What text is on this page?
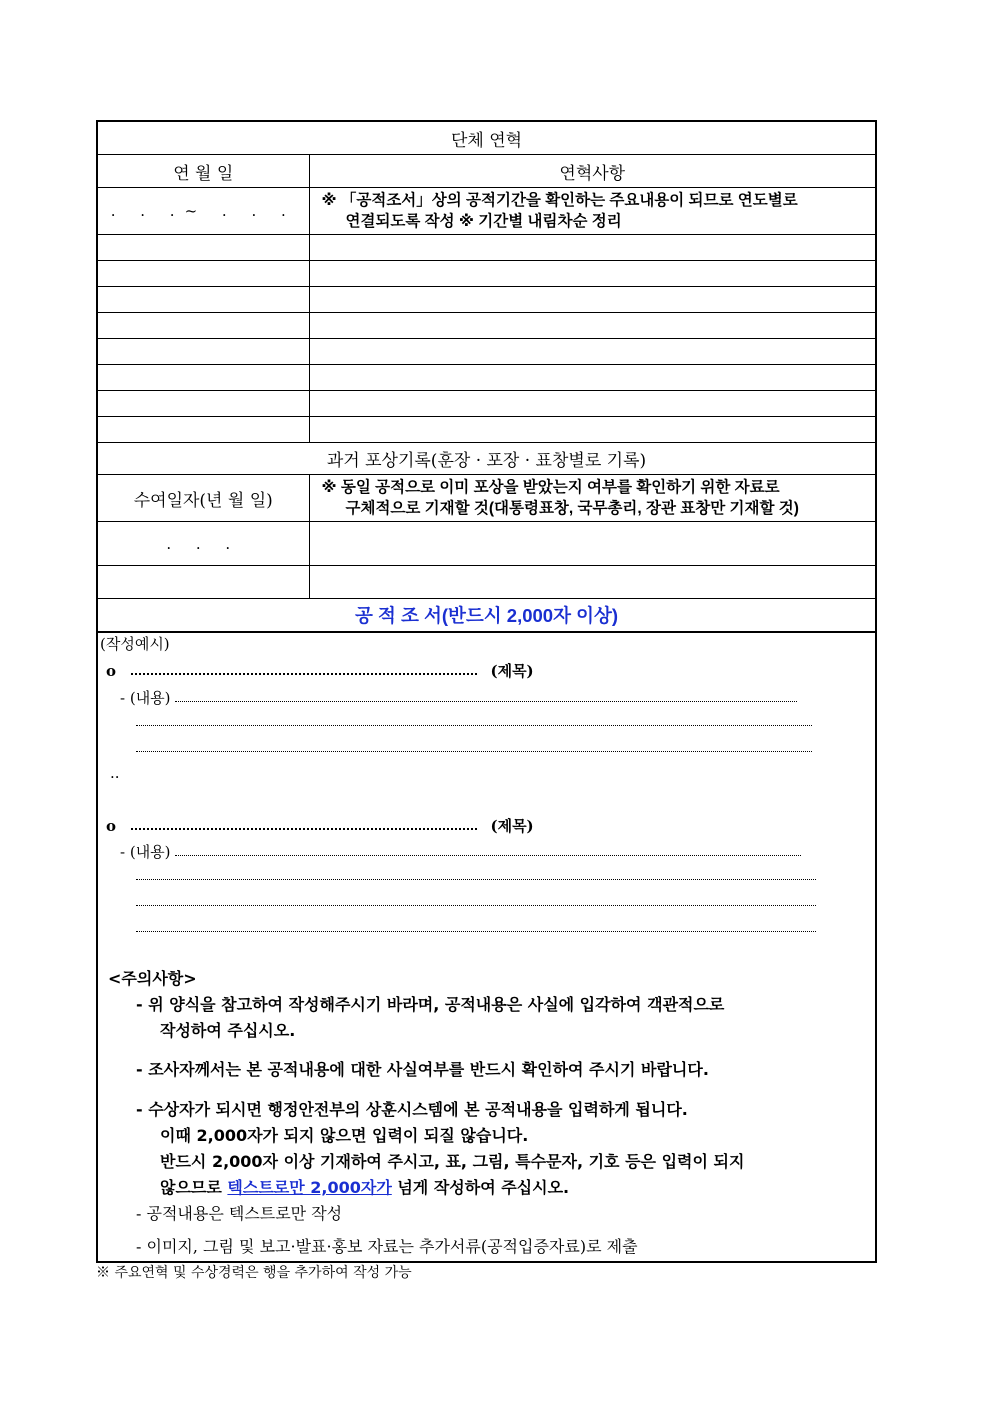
단체 연혁	
연 월 일	연혁사항
. . .~ . . .	※ 「공적조서」상의 공적기간을 확인하는 주요내용이 되므로 연도별로
연결되도록 작성 ※ 기간별 내림차순 정리

과거 포상기록(훈장 · 포장 · 표창별로 기록)	
수여일자(년 월 일)	※ 동일 공적으로 이미 포상을 받았는지 여부를 확인하기 위한 자료로
구체적으로 기재할 것(대통령표창, 국무총리, 장관 표창만 기재할 것)

. . .	

공 적 조 서(반드시 2,000자 이상)	
(작성예시)
o	(제목)
- (내용)
..
o	(제목)
- (내용)
<주의사항>
- 위 양식을 참고하여 작성해주시기 바라며, 공적내용은 사실에 입각하여 객관적으로
작성하여 주십시오.
- 조사자께서는 본 공적내용에 대한 사실여부를 반드시 확인하여 주시기 바랍니다.
- 수상자가 되시면 행정안전부의 상훈시스템에 본 공적내용을 입력하게 됩니다.
이때 2,000자가 되지 않으면 입력이 되질 않습니다.
반드시 2,000자 이상 기재하여 주시고, 표, 그림, 특수문자, 기호 등은 입력이 되지
않으므로 텍스트로만 2,000자가 넘게 작성하여 주십시오.
- 공적내용은 텍스트로만 작성
- 이미지, 그림 및 보고·발표·홍보 자료는 추가서류(공적입증자료)로 제출
※ 주요연혁 및 수상경력은 행을 추가하여 작성 가능
